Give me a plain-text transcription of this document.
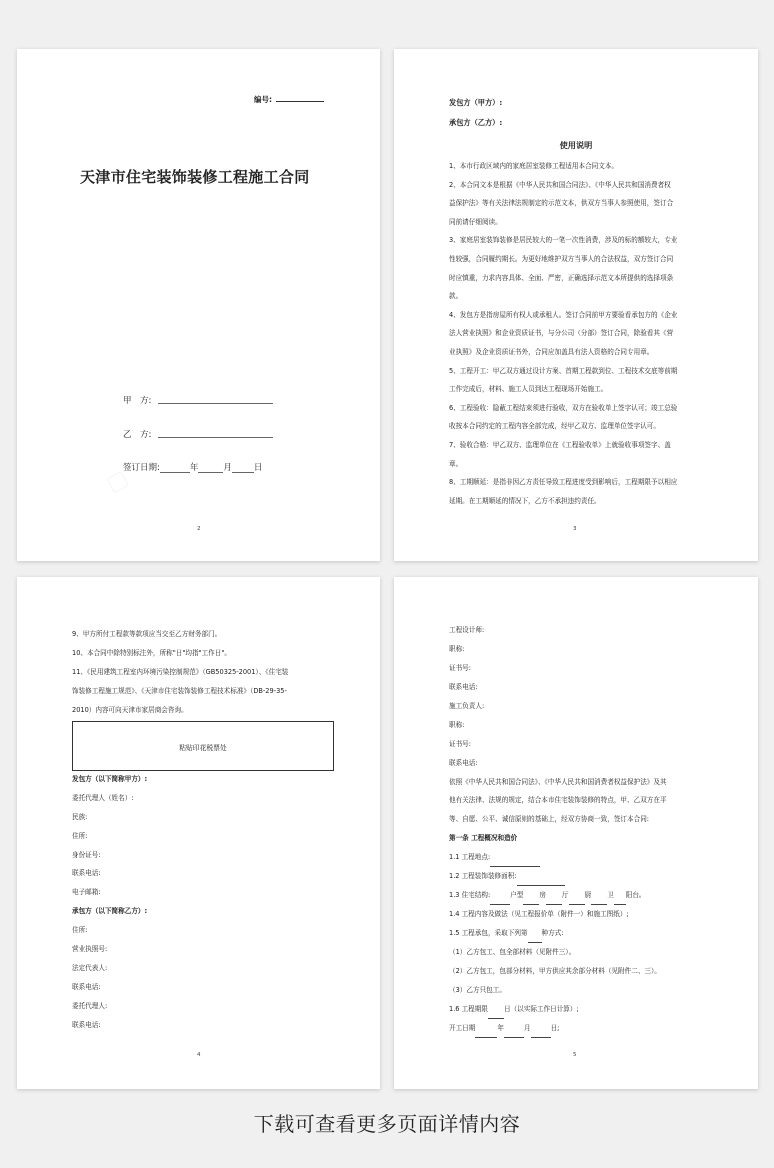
编号:
天津市住宅装饰装修工程施工合同
甲　方:
乙　方:
签订日期:	年	月	日
2
发包方（甲方）:
承包方（乙方）:
使用说明
1、本市行政区域内的家庭居室装修工程适用本合同文本。
2、本合同文本是根据《中华人民共和国合同法》、《中华人民共和国消费者权
益保护法》等有关法律法规制定的示范文本，供双方当事人参照使用，签订合
同前请仔细阅读。
3、家庭居室装饰装修是居民较大的一笔一次性消费，涉及的标的额较大，专业
性较强，合同履约期长。为更好地维护双方当事人的合法权益，双方签订合同
时应慎重，力求内容具体、全面、严密，正确选择示范文本所提供的选择项条
款。
4、发包方是指房屋所有权人或承租人。签订合同前甲方要验看承包方的《企业
法人营业执照》和企业资质证书，与分公司（分部）签订合同，除验看其《营
业执照》及企业资质证书外，合同应加盖具有法人资格的合同专用章。
5、工程开工：甲乙双方通过设计方案、首期工程款到位、工程技术交底等前期
工作完成后，材料、施工人员到达工程现场开始施工。
6、工程验收：隐蔽工程结束须进行验收，双方在验收单上签字认可；竣工总验
收按本合同约定的工程内容全部完成，经甲乙双方、监理单位签字认可。
7、验收合格：甲乙双方、监理单位在《工程验收单》上就验收事项签字、盖
章。
8、工期顺延：是指非因乙方责任导致工程进度受到影响后，工程期限予以相应
延期。在工期顺延的情况下，乙方不承担违约责任。
3
9、甲方所付工程款等款项应当交至乙方财务部门。
10、本合同中除特别标注外，所称"日"均指"工作日"。
11、《民用建筑工程室内环境污染控制规范》（GB50325-2001）、《住宅装
饰装修工程施工规范》、《天津市住宅装饰装修工程技术标准》（DB-29-35-
2010）内容可向天津市家居商会咨询。
粘贴印花税票处
发包方（以下简称甲方）:
委托代理人（姓名）:
民族:
住所:
身份证号:
联系电话:
电子邮箱:
承包方（以下简称乙方）:
住所:
营业执照号:
法定代表人:
联系电话:
委托代理人:
联系电话:
4
工程设计师:
职称:
证书号:
联系电话:
施工负责人:
职称:
证书号:
联系电话:
依照《中华人民共和国合同法》、《中华人民共和国消费者权益保护法》及其
他有关法律、法规的规定，结合本市住宅装饰装修的特点，甲、乙双方在平
等、自愿、公平、诚信原则的基础上，经双方协商一致，签订本合同:
第一条 工程概况和造价
1.1 工程地点:
1.2 工程装饰装修面积:
1.3 住宅结构:	户型 房 厅 厨 卫 阳台。
1.4 工程内容及做法（见工程报价单（附件一）和施工图纸）;
1.5 工程承包，采取下列第 种方式:
（1）乙方包工、包全部材料（见附件三）。
（2）乙方包工，包部分材料，甲方供应其余部分材料（见附件二、三）。
（3）乙方只包工。
1.6 工程期限 日（以实际工作日计算）;
开工日期	年	月	日;
5
下载可查看更多页面详情内容
